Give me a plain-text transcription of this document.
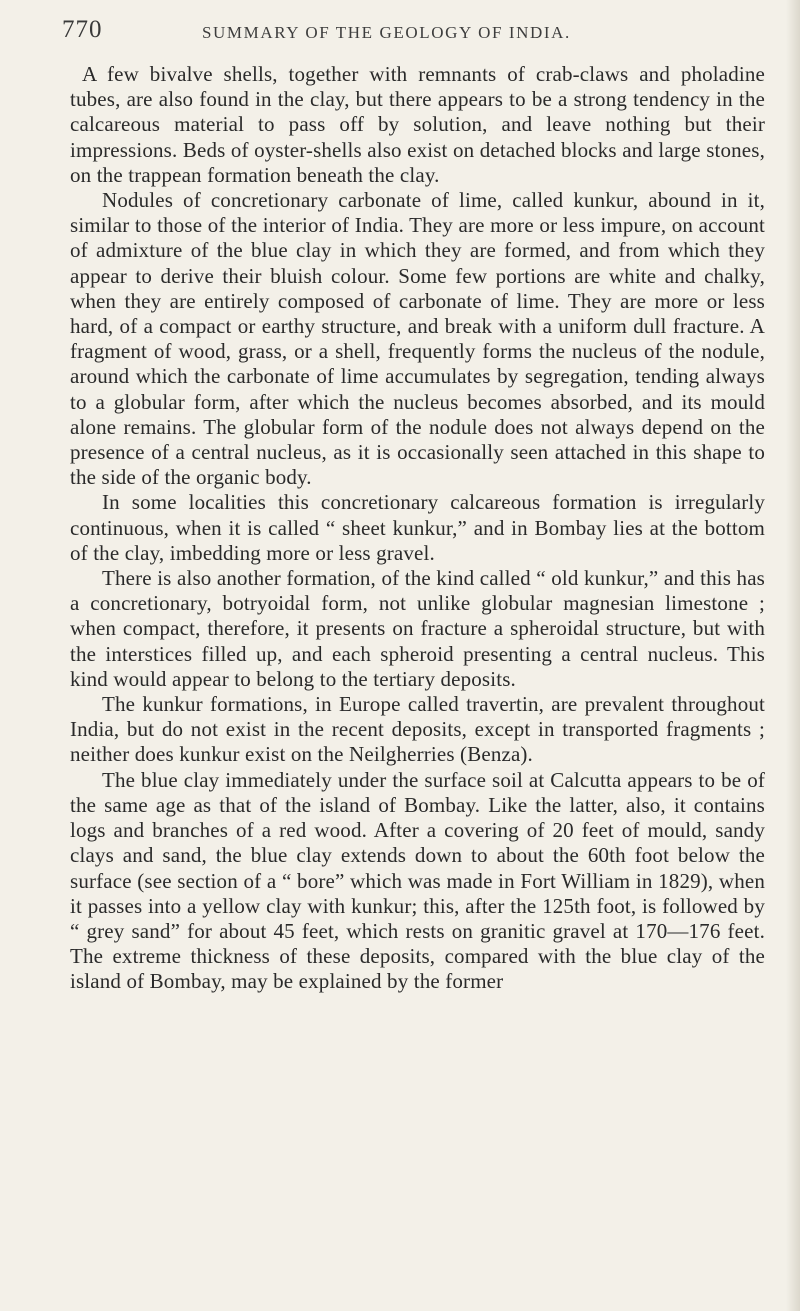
770	SUMMARY OF THE GEOLOGY OF INDIA.

A few bivalve shells, together with remnants of crab-claws and pholadine tubes, are also found in the clay, but there appears to be a strong tendency in the calcareous material to pass off by solution, and leave nothing but their impressions. Beds of oyster-shells also exist on detached blocks and large stones, on the trappean formation beneath the clay.

Nodules of concretionary carbonate of lime, called kunkur, abound in it, similar to those of the interior of India. They are more or less impure, on account of admixture of the blue clay in which they are formed, and from which they appear to derive their bluish colour. Some few portions are white and chalky, when they are entirely composed of carbonate of lime. They are more or less hard, of a compact or earthy structure, and break with a uniform dull fracture. A fragment of wood, grass, or a shell, frequently forms the nucleus of the nodule, around which the carbonate of lime accumulates by segregation, tending always to a globular form, after which the nucleus becomes absorbed, and its mould alone remains. The globular form of the nodule does not always depend on the presence of a central nucleus, as it is occasionally seen attached in this shape to the side of the organic body.

In some localities this concretionary calcareous formation is irregularly continuous, when it is called “ sheet kunkur,” and in Bombay lies at the bottom of the clay, imbedding more or less gravel.

There is also another formation, of the kind called “ old kunkur,” and this has a concretionary, botryoidal form, not unlike globular magnesian limestone ; when compact, therefore, it presents on fracture a spheroidal structure, but with the interstices filled up, and each spheroid presenting a central nucleus. This kind would appear to belong to the tertiary deposits.

The kunkur formations, in Europe called travertin, are prevalent throughout India, but do not exist in the recent deposits, except in transported fragments ; neither does kunkur exist on the Neilgherries (Benza).

The blue clay immediately under the surface soil at Calcutta appears to be of the same age as that of the island of Bombay. Like the latter, also, it contains logs and branches of a red wood. After a covering of 20 feet of mould, sandy clays and sand, the blue clay extends down to about the 60th foot below the surface (see section of a “ bore” which was made in Fort William in 1829), when it passes into a yellow clay with kunkur; this, after the 125th foot, is followed by “ grey sand” for about 45 feet, which rests on granitic gravel at 170—176 feet. The extreme thickness of these deposits, compared with the blue clay of the island of Bombay, may be explained by the former
